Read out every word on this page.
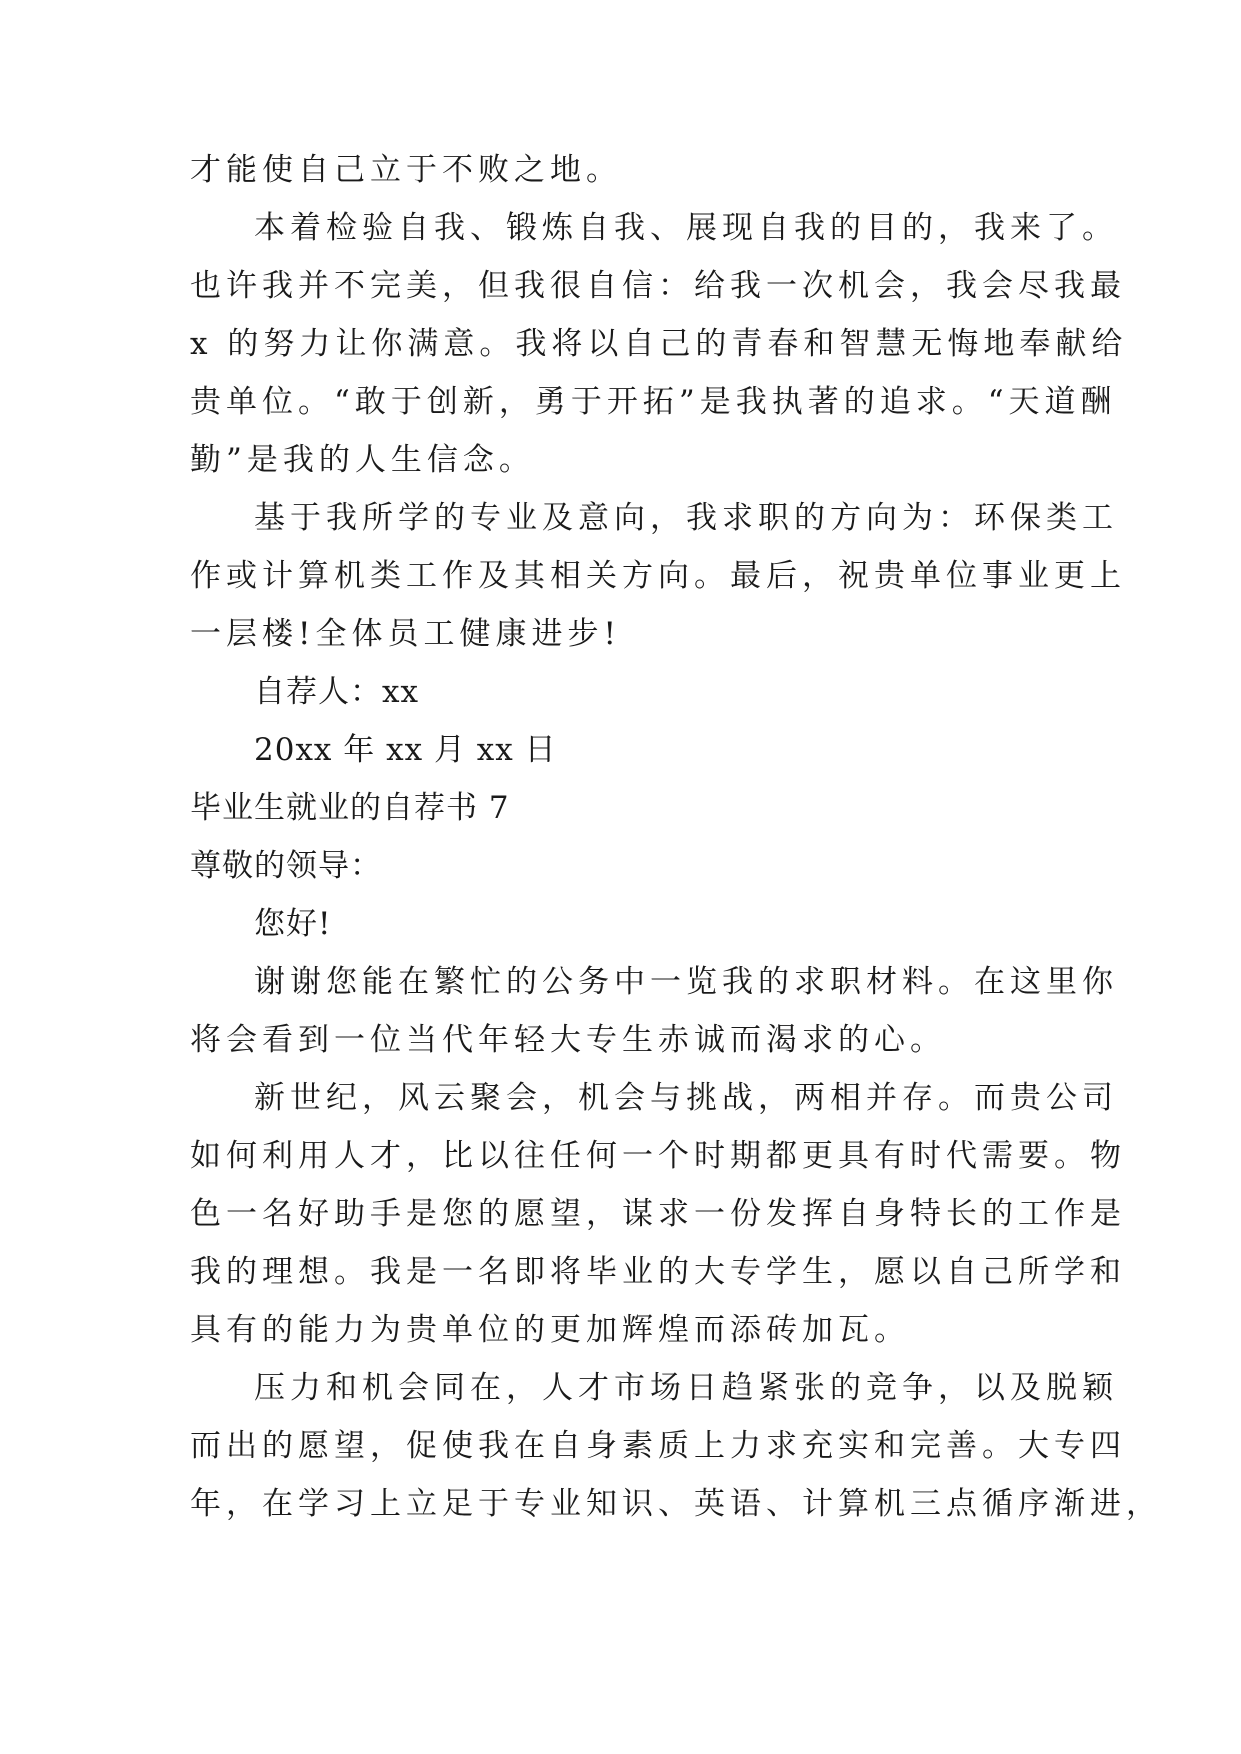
才能使自己立于不败之地。
本着检验自我、锻炼自我、展现自我的目的，我来了。
也许我并不完美，但我很自信：给我一次机会，我会尽我最
x 的努力让你满意。我将以自己的青春和智慧无悔地奉献给
贵单位。“敢于创新，勇于开拓”是我执著的追求。“天道酬
勤”是我的人生信念。
基于我所学的专业及意向，我求职的方向为：环保类工
作或计算机类工作及其相关方向。最后，祝贵单位事业更上
一层楼!全体员工健康进步!
自荐人：xx
20xx 年 xx 月 xx 日
毕业生就业的自荐书 7
尊敬的领导：
您好!
谢谢您能在繁忙的公务中一览我的求职材料。在这里你
将会看到一位当代年轻大专生赤诚而渴求的心。
新世纪，风云聚会，机会与挑战，两相并存。而贵公司
如何利用人才，比以往任何一个时期都更具有时代需要。物
色一名好助手是您的愿望，谋求一份发挥自身特长的工作是
我的理想。我是一名即将毕业的大专学生，愿以自己所学和
具有的能力为贵单位的更加辉煌而添砖加瓦。
压力和机会同在，人才市场日趋紧张的竞争，以及脱颖
而出的愿望，促使我在自身素质上力求充实和完善。大专四
年，在学习上立足于专业知识、英语、计算机三点循序渐进，
